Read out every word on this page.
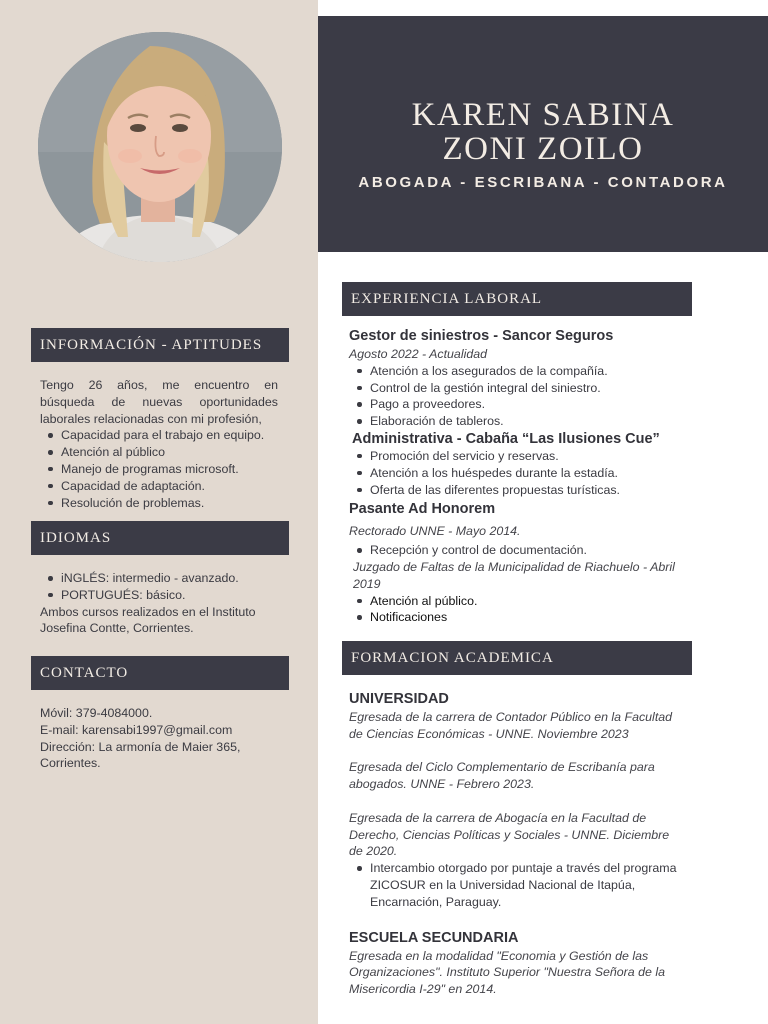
INFORMACIÓN - APTITUDES

Tengo 26 años, me encuentro en búsqueda de nuevas oportunidades laborales relacionadas con mi profesión,

Capacidad para el trabajo en equipo.
Atención al público
Manejo de programas microsoft.
Capacidad de adaptación.
Resolución de problemas.
IDIOMAS
iNGLÉS: intermedio - avanzado.
PORTUGUÉS: básico.

Ambos cursos realizados en el Instituto Josefina Contte, Corrientes.

CONTACTO

Móvil: 379-4084000.

E-mail: karensabi1997@gmail.com

Dirección: La armonía de Maier 365, Corrientes.

KAREN SABINA
ZONI ZOILO
ABOGADA - ESCRIBANA - CONTADORA
EXPERIENCIA LABORAL
Gestor de siniestros - Sancor Seguros
Agosto 2022 - Actualidad
Atención a los asegurados de la compañía.
Control de la gestión integral del siniestro.
Pago a proveedores.
Elaboración de tableros.
Administrativa - Cabaña “Las Ilusiones Cue”
Promoción del servicio y reservas.
Atención a los huéspedes durante la estadía.
Oferta de las diferentes propuestas turísticas.
Pasante Ad Honorem
Rectorado UNNE - Mayo 2014.
Recepción y control de documentación.
Juzgado de Faltas de la Municipalidad de Riachuelo - Abril 2019
Atención al público.
Notificaciones
FORMACION ACADEMICA
UNIVERSIDAD

Egresada de la carrera de Contador Público en la Facultad de Ciencias Económicas - UNNE. Noviembre 2023

Egresada del Ciclo Complementario de Escribanía para abogados. UNNE - Febrero 2023.

Egresada de la carrera de Abogacía en la Facultad de Derecho, Ciencias Políticas y Sociales - UNNE. Diciembre de 2020.

Intercambio otorgado por puntaje a través del programa ZICOSUR en la Universidad Nacional de Itapúa, Encarnación, Paraguay.
ESCUELA SECUNDARIA

Egresada en la modalidad "Economia y Gestión de las Organizaciones". Instituto Superior "Nuestra Señora de la Misericordia I-29" en 2014.
